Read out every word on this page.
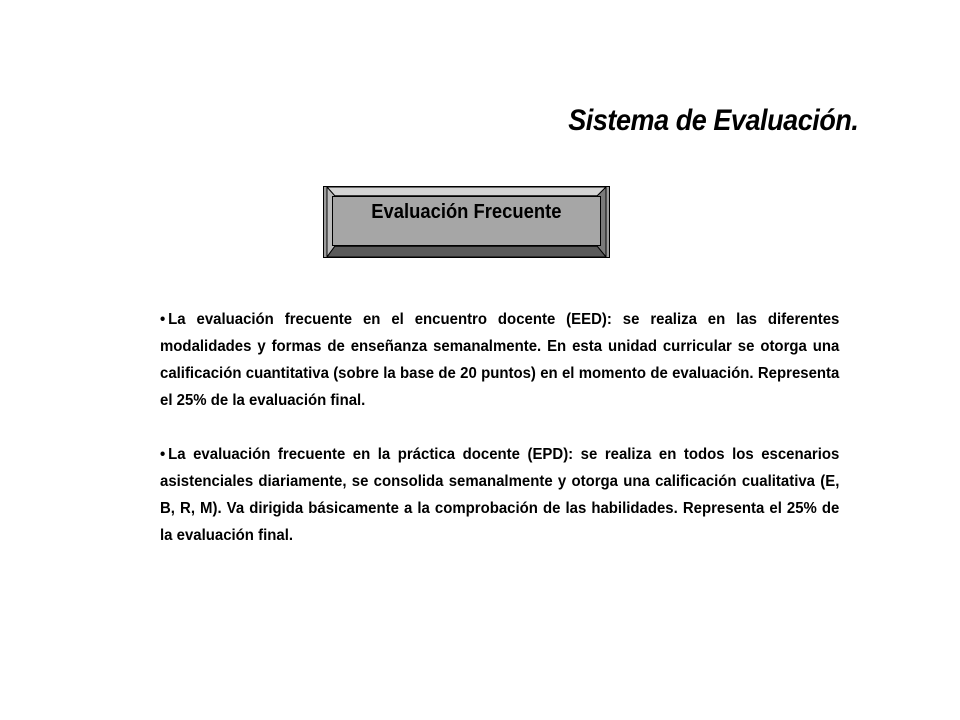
Sistema de Evaluación.
Evaluación Frecuente

• La evaluación frecuente en el encuentro docente (EED): se realiza en las diferentes modalidades y formas de enseñanza semanalmente. En esta unidad curricular se otorga una calificación cuantitativa (sobre la base de 20 puntos) en el momento de evaluación. Representa el 25% de la evaluación final.

• La evaluación frecuente en la práctica docente (EPD): se realiza en todos los escenarios asistenciales diariamente, se consolida semanalmente y otorga una calificación cualitativa (E, B, R, M). Va dirigida básicamente a la comprobación de las habilidades. Representa el 25% de la evaluación final.
